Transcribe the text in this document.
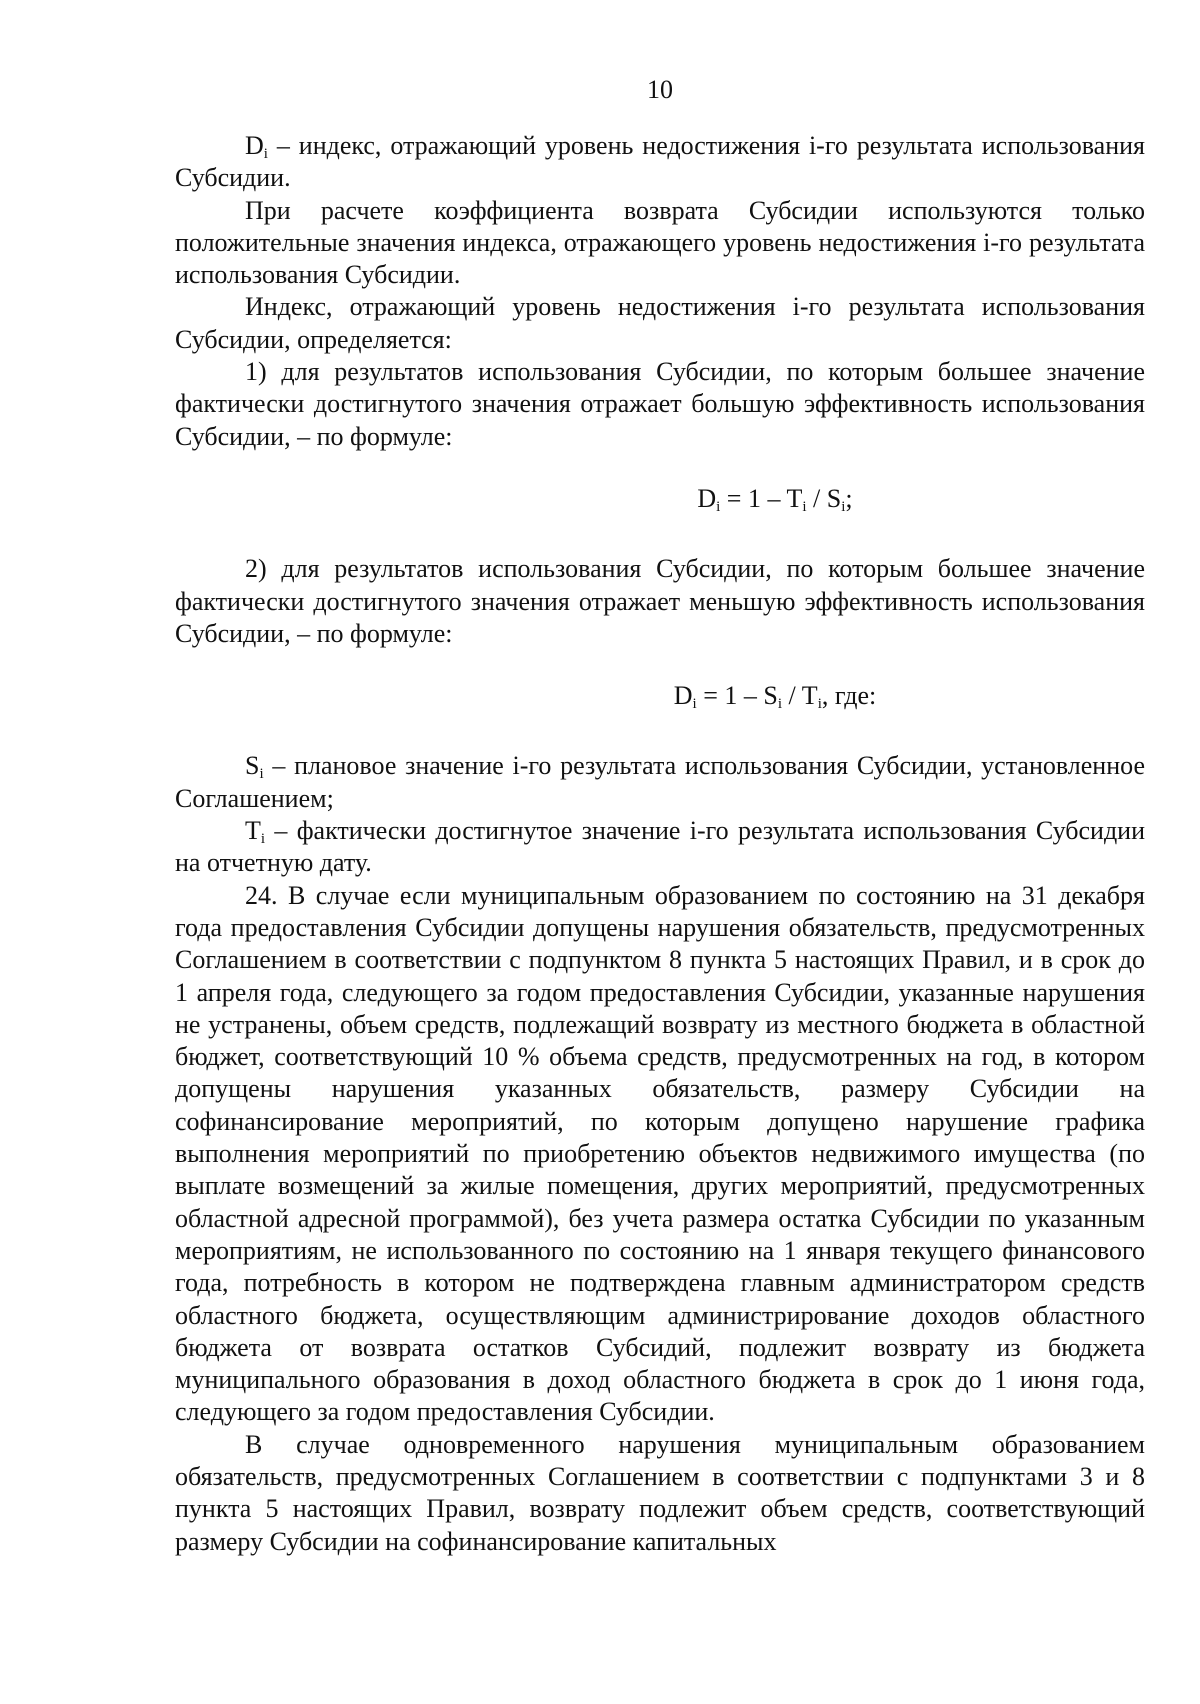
10

$D_i$ – индекс, отражающий уровень недостижения i-го результата использования Субсидии.

При расчете коэффициента возврата Субсидии используются только положительные значения индекса, отражающего уровень недостижения i-го результата использования Субсидии.

Индекс, отражающий уровень недостижения i-го результата использования Субсидии, определяется:

1) для результатов использования Субсидии, по которым большее значение фактически достигнутого значения отражает большую эффективность использования Субсидии, – по формуле:

$D_i = 1 - T_i / S_i$;

2) для результатов использования Субсидии, по которым большее значение фактически достигнутого значения отражает меньшую эффективность использования Субсидии, – по формуле:

$D_i = 1 - S_i / T_i$, где:

$S_i$ – плановое значение i-го результата использования Субсидии, установленное Соглашением;

$T_i$ – фактически достигнутое значение i-го результата использования Субсидии на отчетную дату.

24. В случае если муниципальным образованием по состоянию на 31 декабря года предоставления Субсидии допущены нарушения обязательств, предусмотренных Соглашением в соответствии с подпунктом 8 пункта 5 настоящих Правил, и в срок до 1 апреля года, следующего за годом предоставления Субсидии, указанные нарушения не устранены, объем средств, подлежащий возврату из местного бюджета в областной бюджет, соответствующий 10 % объема средств, предусмотренных на год, в котором допущены нарушения указанных обязательств, размеру Субсидии на софинансирование мероприятий, по которым допущено нарушение графика выполнения мероприятий по приобретению объектов недвижимого имущества (по выплате возмещений за жилые помещения, других мероприятий, предусмотренных областной адресной программой), без учета размера остатка Субсидии по указанным мероприятиям, не использованного по состоянию на 1 января текущего финансового года, потребность в котором не подтверждена главным администратором средств областного бюджета, осуществляющим администрирование доходов областного бюджета от возврата остатков Субсидий, подлежит возврату из бюджета муниципального образования в доход областного бюджета в срок до 1 июня года, следующего за годом предоставления Субсидии.

В случае одновременного нарушения муниципальным образованием обязательств, предусмотренных Соглашением в соответствии с подпунктами 3 и 8 пункта 5 настоящих Правил, возврату подлежит объем средств, соответствующий размеру Субсидии на софинансирование капитальных
